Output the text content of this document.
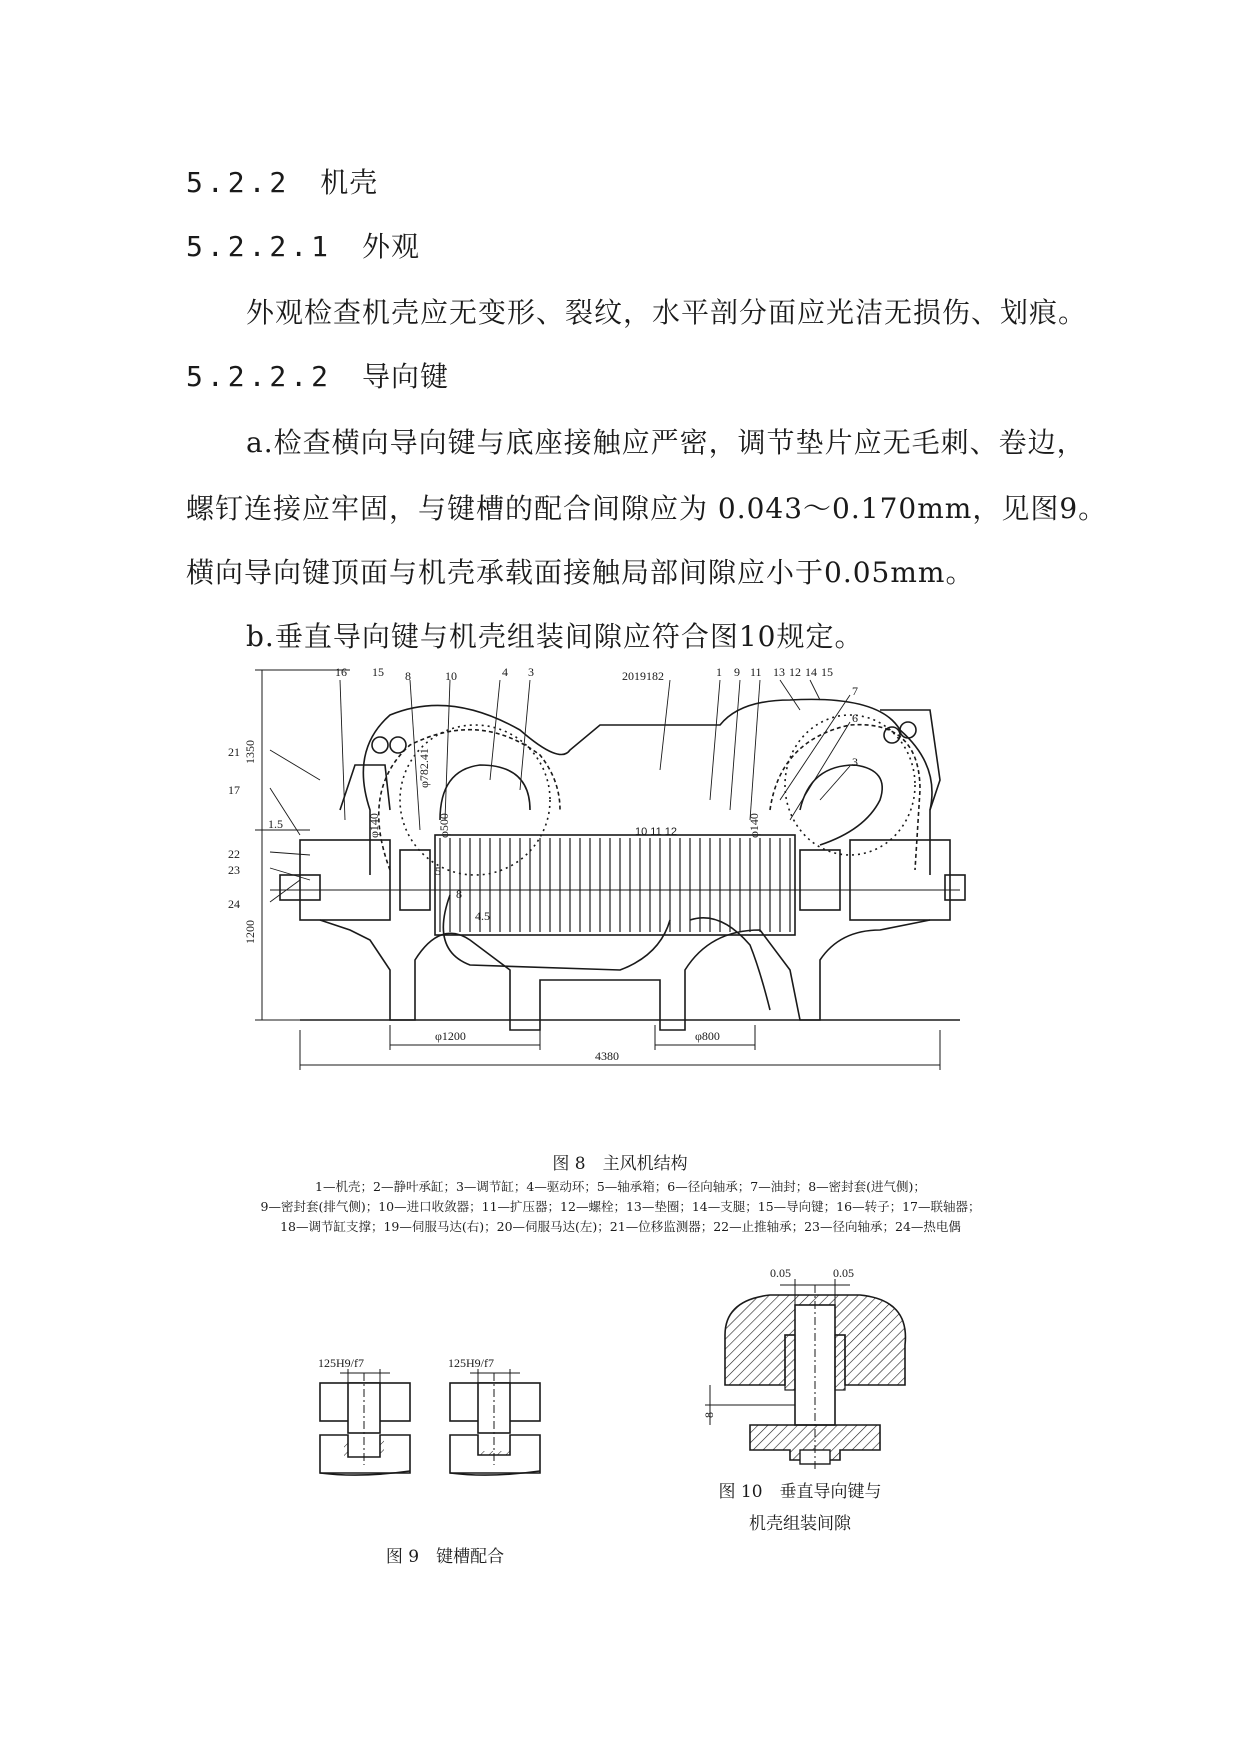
5.2.2 机壳
5.2.2.1 外观
外观检查机壳应无变形、裂纹，水平剖分面应光洁无损伤、划痕。
5.2.2.2 导向键
a.检查横向导向键与底座接触应严密，调节垫片应无毛刺、卷边，
螺钉连接应牢固，与键槽的配合间隙应为 0.043～0.170mm，见图9。
横向导向键顶面与机壳承载面接触局部间隙应小于0.05mm。
b.垂直导向键与机壳组装间隙应符合图10规定。
16 15 8	10	4 3	2019182	1 9 11 13 12 14 15
21
17
22
23
24
7
6
3
1350
1200
1.5
φ782.41
φ500
φ140	φ140
5
4.5
8
φ1200
4380
φ800
10 11 12
图 8　主风机结构
1—机壳；2—静叶承缸；3—调节缸；4—驱动环；5—轴承箱；6—径向轴承；7—油封；8—密封套(进气侧)；
9—密封套(排气侧)；10—进口收敛器；11—扩压器；12—螺栓；13—垫圈；14—支腿；15—导向键；16—转子；17—联轴器；
18—调节缸支撑；19—伺服马达(右)；20—伺服马达(左)；21—位移监测器；22—止推轴承；23—径向轴承；24—热电偶
125H9/f7	125H9/f7
图 9　键槽配合
0.05	0.05
8
图 10　垂直导向键与
机壳组装间隙
